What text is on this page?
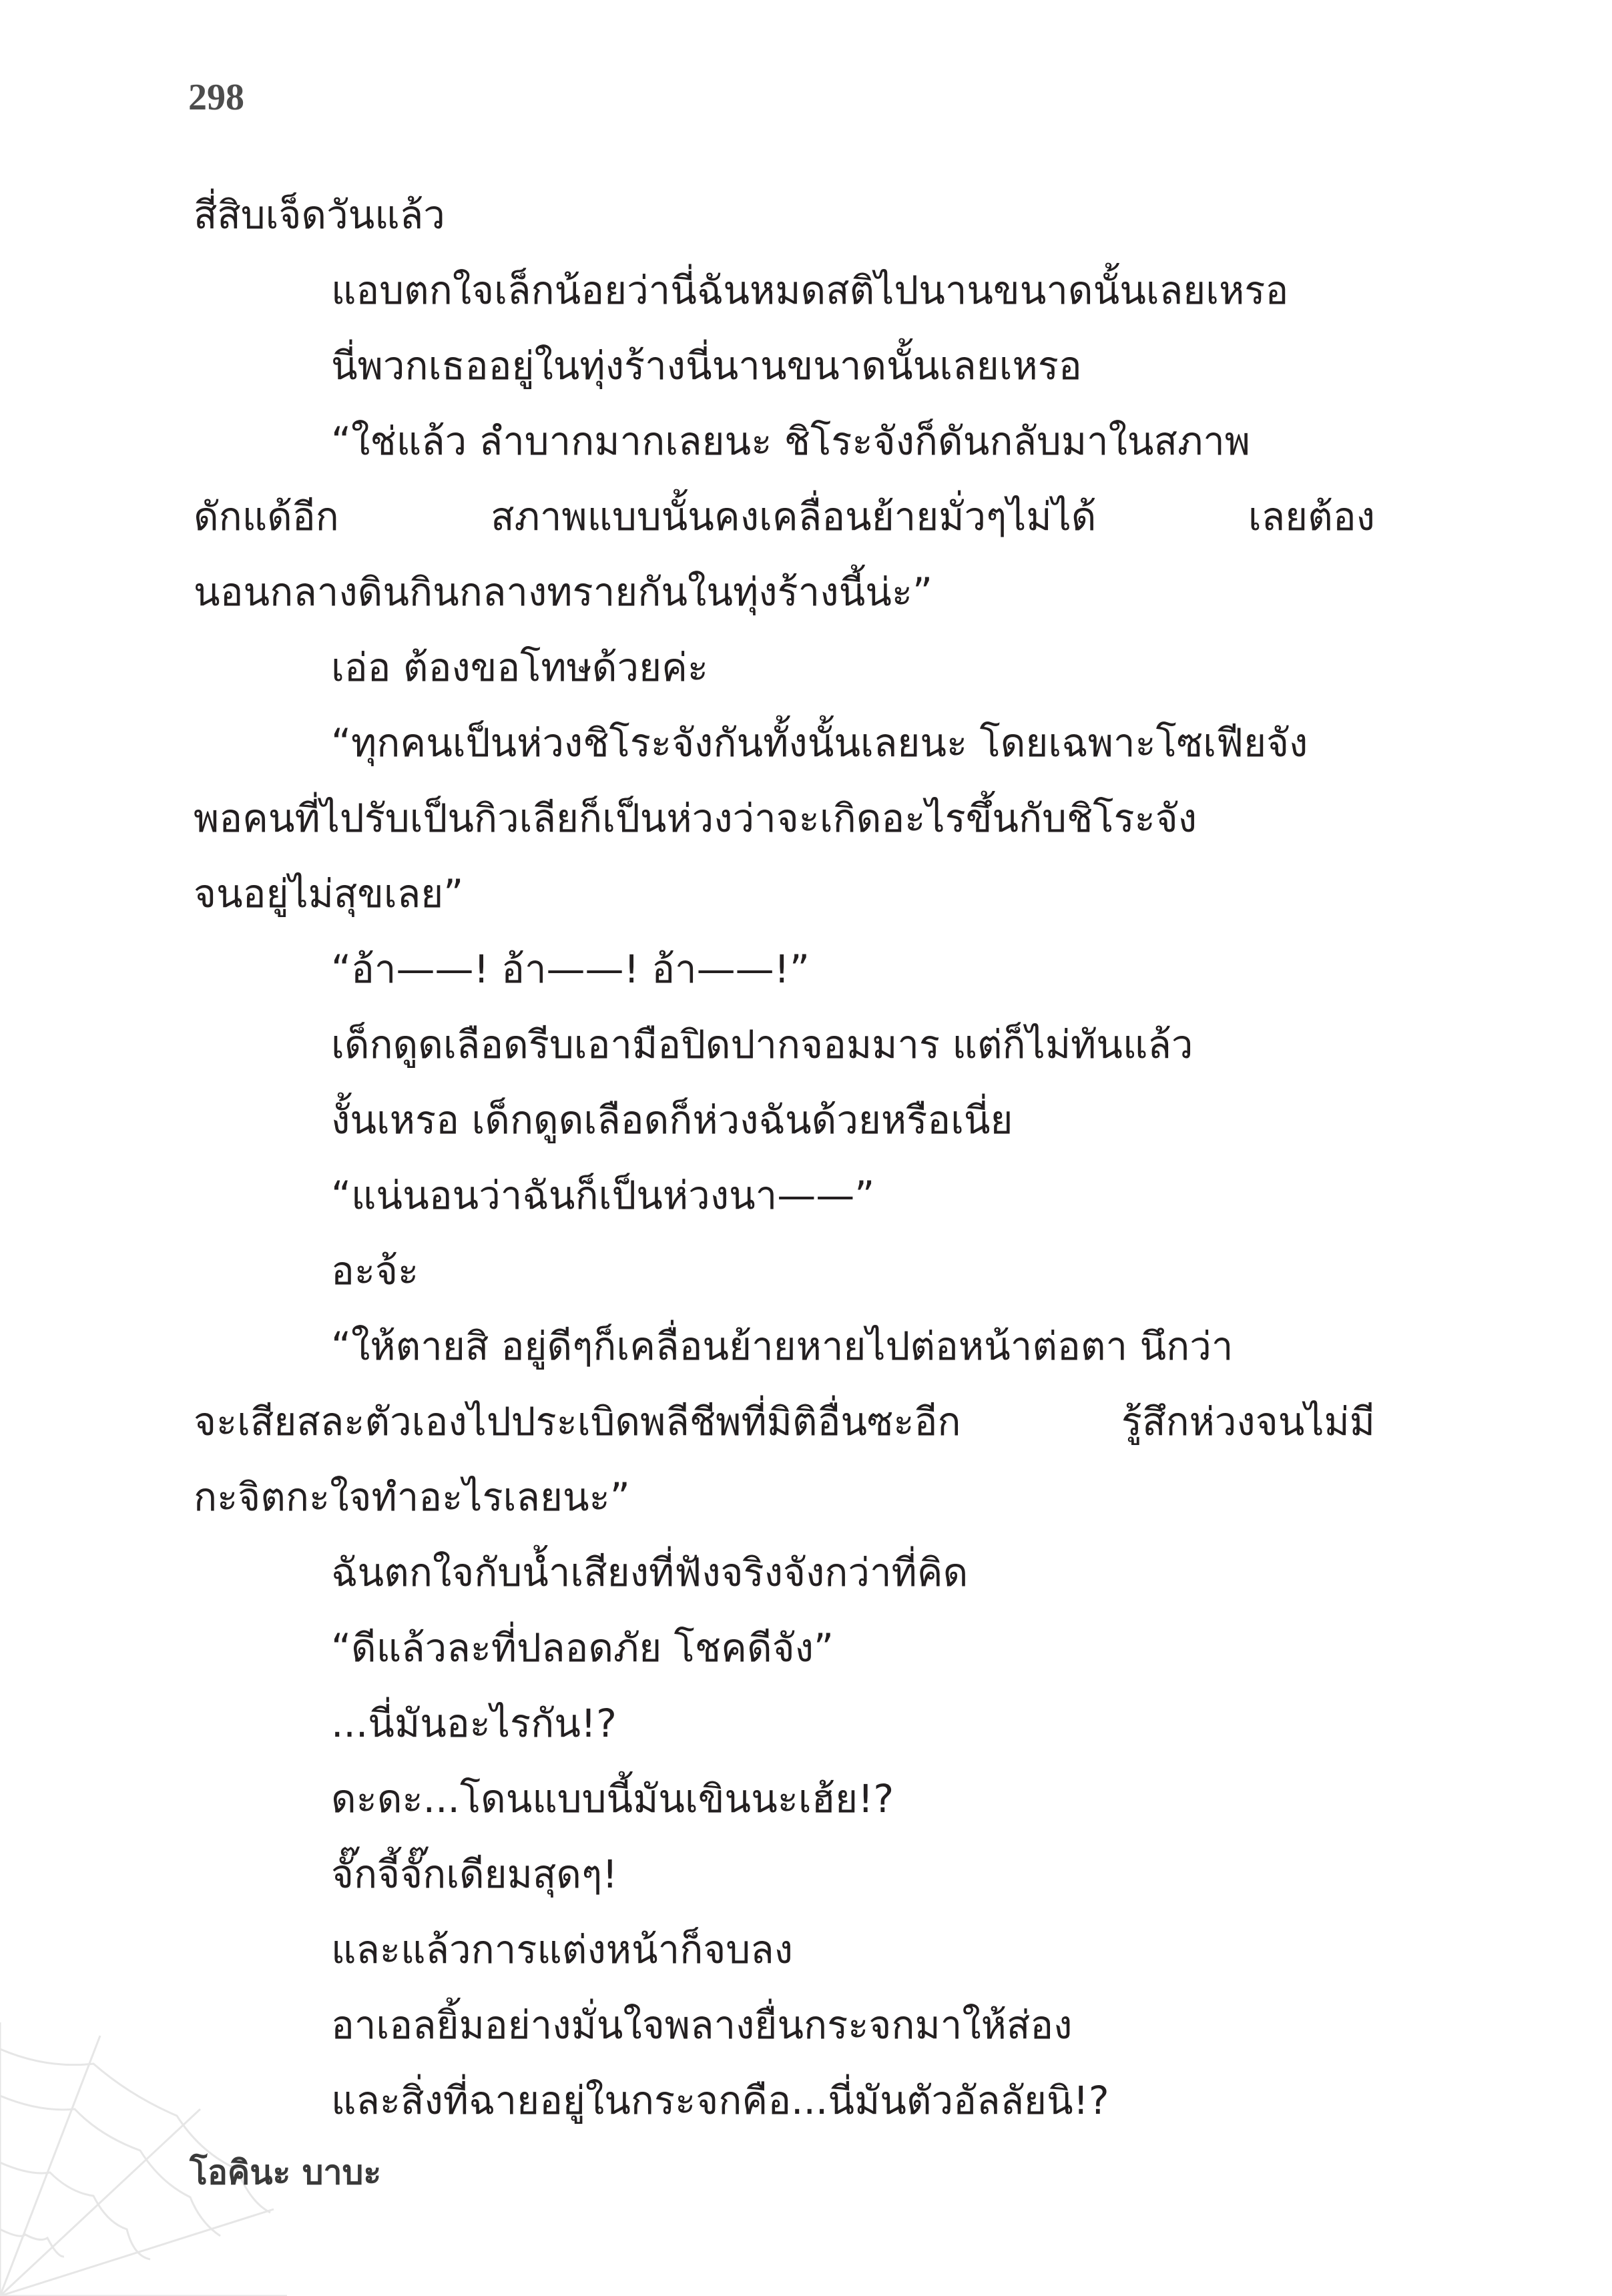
298
สี่สิบเจ็ดวันแล้ว
แอบตกใจเล็กน้อยว่านี่ฉันหมดสติไปนานขนาดนั้นเลยเหรอ
นี่พวกเธออยู่ในทุ่งร้างนี่นานขนาดนั้นเลยเหรอ
“ใช่แล้ว ลำบากมากเลยนะ ชิโระจังก็ดันกลับมาในสภาพ
ดักแด้อีก สภาพแบบนั้นคงเคลื่อนย้ายมั่วๆไม่ได้ เลยต้อง
นอนกลางดินกินกลางทรายกันในทุ่งร้างนี้น่ะ”
เอ่อ ต้องขอโทษด้วยค่ะ
“ทุกคนเป็นห่วงชิโระจังกันทั้งนั้นเลยนะ โดยเฉพาะโซเฟียจัง
พอคนที่ไปรับเป็นกิวเลียก็เป็นห่วงว่าจะเกิดอะไรขึ้นกับชิโระจัง
จนอยู่ไม่สุขเลย”
“อ้า——! อ้า——! อ้า——!”
เด็กดูดเลือดรีบเอามือปิดปากจอมมาร แต่ก็ไม่ทันแล้ว
งั้นเหรอ เด็กดูดเลือดก็ห่วงฉันด้วยหรือเนี่ย
“แน่นอนว่าฉันก็เป็นห่วงนา——”
อะจ้ะ
“ให้ตายสิ อยู่ดีๆก็เคลื่อนย้ายหายไปต่อหน้าต่อตา นึกว่า
จะเสียสละตัวเองไปประเบิดพลีชีพที่มิติอื่นซะอีก รู้สึกห่วงจนไม่มี
กะจิตกะใจทำอะไรเลยนะ”
ฉันตกใจกับน้ำเสียงที่ฟังจริงจังกว่าที่คิด
“ดีแล้วละที่ปลอดภัย โชคดีจัง”
...นี่มันอะไรกัน!?
ดะดะ...โดนแบบนี้มันเขินนะเฮ้ย!?
จั๊กจี้จั๊กเดียมสุดๆ!
และแล้วการแต่งหน้าก็จบลง
อาเอลยิ้มอย่างมั่นใจพลางยื่นกระจกมาให้ส่อง
และสิ่งที่ฉายอยู่ในกระจกคือ...นี่มันตัวอัลลัยนิ!?
โอคินะ บาบะ
